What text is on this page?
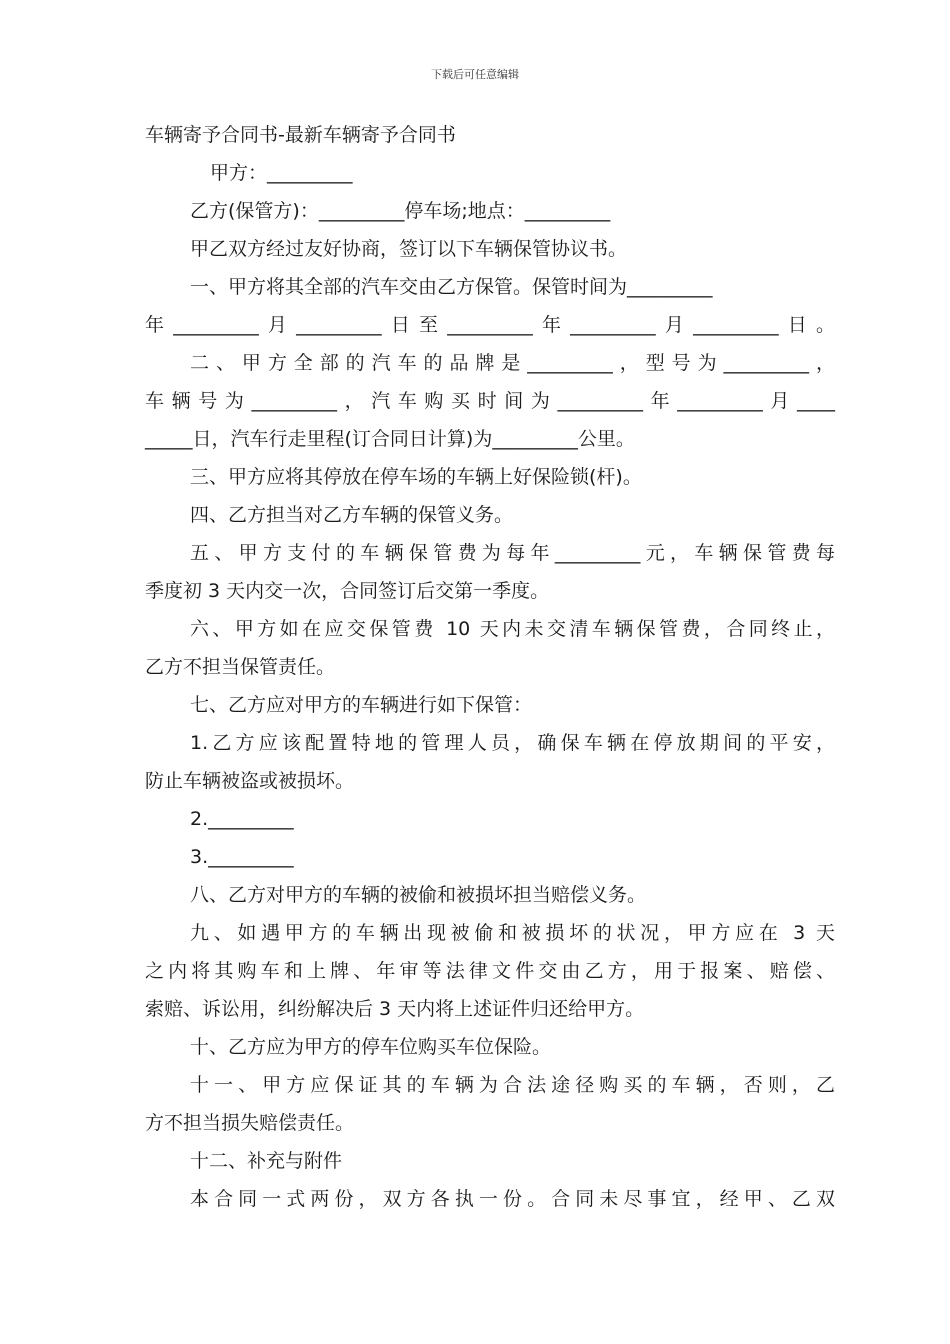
下载后可任意编辑
车辆寄予合同书-最新车辆寄予合同书
甲方：_________
乙方(保管方)：_________停车场;地点：_________
甲乙双方经过友好协商，签订以下车辆保管协议书。
一、甲方将其全部的汽车交由乙方保管。保管时间为_________
年_________月_________日至_________年_________月_________日。
二、甲方全部的汽车的品牌是_________，型号为_________，
车辆号为_________，汽车购买时间为_________年_________月____
_____日，汽车行走里程(订合同日计算)为_________公里。
三、甲方应将其停放在停车场的车辆上好保险锁(杆)。
四、乙方担当对乙方车辆的保管义务。
五、甲方支付的车辆保管费为每年_________元，车辆保管费每
季度初 3 天内交一次，合同签订后交第一季度。
六、甲方如在应交保管费 10 天内未交清车辆保管费，合同终止，
乙方不担当保管责任。
七、乙方应对甲方的车辆进行如下保管：
1.乙方应该配置特地的管理人员，确保车辆在停放期间的平安，
防止车辆被盗或被损坏。
2._________
3._________
八、乙方对甲方的车辆的被偷和被损坏担当赔偿义务。
九、如遇甲方的车辆出现被偷和被损坏的状况，甲方应在 3 天
之内将其购车和上牌、年审等法律文件交由乙方，用于报案、赔偿、
索赔、诉讼用，纠纷解决后 3 天内将上述证件归还给甲方。
十、乙方应为甲方的停车位购买车位保险。
十一、甲方应保证其的车辆为合法途径购买的车辆，否则，乙
方不担当损失赔偿责任。
十二、补充与附件
本合同一式两份，双方各执一份。合同未尽事宜，经甲、乙双
